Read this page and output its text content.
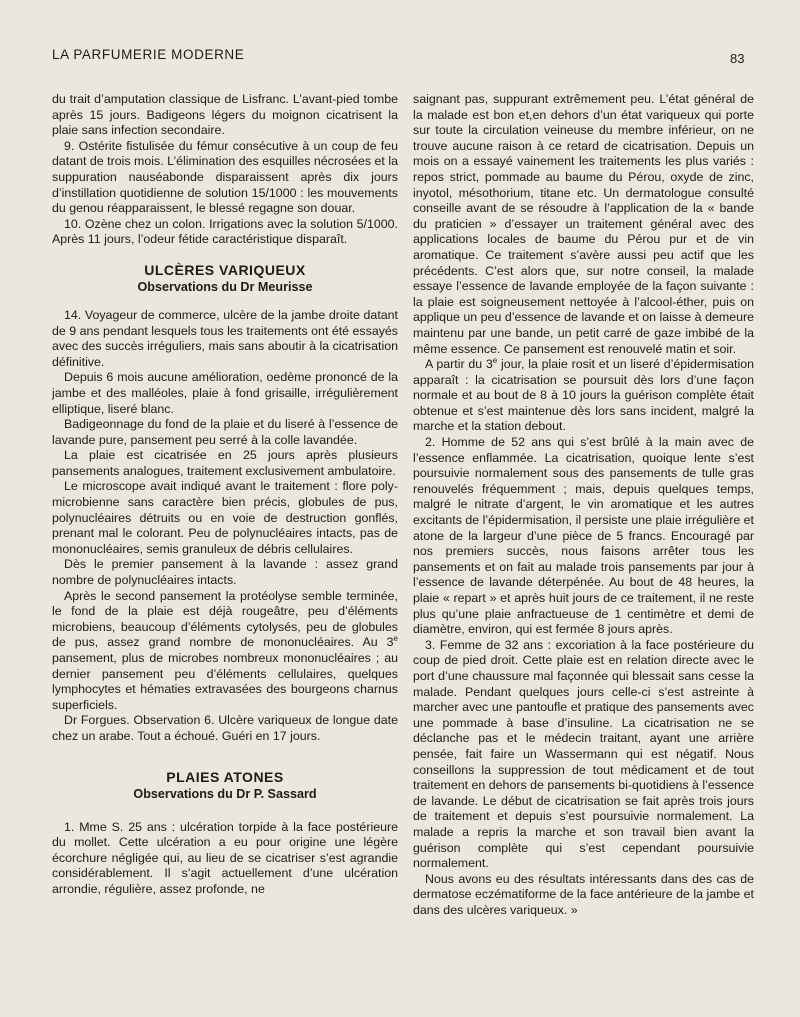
LA PARFUMERIE MODERNE	83

du trait d’amputation classique de Lisfranc. L’avant-pied tombe après 15 jours. Badigeons légers du moignon cicatrisent la plaie sans infection secondaire.

9. Ostérite fistulisée du fémur consécutive à un coup de feu datant de trois mois. L’élimination des esquilles nécrosées et la suppuration nauséabonde disparaissent après dix jours d’instillation quotidienne de solution 15/1000 : les mouvements du genou réapparaissent, le blessé regagne son douar.

10. Ozène chez un colon. Irrigations avec la solution 5/1000. Après 11 jours, l’odeur fétide caractéristique disparaît.

ULCÈRES VARIQUEUX
Observations du Dr Meurisse

14. Voyageur de commerce, ulcère de la jambe droite datant de 9 ans pendant lesquels tous les traitements ont été essayés avec des succès irréguliers, mais sans aboutir à la cicatrisation définitive.

Depuis 6 mois aucune amélioration, oedème prononcé de la jambe et des malléoles, plaie à fond grisaille, irrégulièrement elliptique, liseré blanc.

Badigeonnage du fond de la plaie et du liseré à l’essence de lavande pure, pansement peu serré à la colle lavandée.

La plaie est cicatrisée en 25 jours après plusieurs pansements analogues, traitement exclusivement ambulatoire.

Le microscope avait indiqué avant le traitement : flore poly-microbienne sans caractère bien précis, globules de pus, polynucléaires détruits ou en voie de destruction gonflés, prenant mal le colorant. Peu de polynucléaires intacts, pas de mononucléaires, semis granuleux de débris cellulaires.

Dès le premier pansement à la lavande : assez grand nombre de polynucléaires intacts.

Après le second pansement la protéolyse semble terminée, le fond de la plaie est déjà rougeâtre, peu d’éléments microbiens, beaucoup d’éléments cytolysés, peu de globules de pus, assez grand nombre de mononucléaires. Au 3e pansement, plus de microbes nombreux mononucléaires ; au dernier pansement peu d’éléments cellulaires, quelques lymphocytes et hématies extravasées des bourgeons charnus superficiels.

Dr Forgues. Observation 6. Ulcère variqueux de longue date chez un arabe. Tout a échoué. Guéri en 17 jours.

PLAIES ATONES
Observations du Dr P. Sassard

1. Mme S. 25 ans : ulcération torpide à la face postérieure du mollet. Cette ulcération a eu pour origine une légère écorchure négligée qui, au lieu de se cicatriser s’est agrandie considérablement. Il s’agit actuellement d’une ulcération arrondie, régulière, assez profonde, ne

saignant pas, suppurant extrêmement peu. L’état général de la malade est bon et,en dehors d’un état variqueux qui porte sur toute la circulation veineuse du membre inférieur, on ne trouve aucune raison à ce retard de cicatrisation. Depuis un mois on a essayé vainement les traitements les plus variés : repos strict, pommade au baume du Pérou, oxyde de zinc, inyotol, mésothorium, titane etc. Un dermatologue consulté conseille avant de se résoudre à l’application de la « bande du praticien » d’essayer un traitement général avec des applications locales de baume du Pérou pur et de vin aromatique. Ce traitement s’avère aussi peu actif que les précédents. C’est alors que, sur notre conseil, la malade essaye l’essence de lavande employée de la façon suivante : la plaie est soigneusement nettoyée à l’alcool-éther, puis on applique un peu d’essence de lavande et on laisse à demeure maintenu par une bande, un petit carré de gaze imbibé de la même essence. Ce pansement est renouvelé matin et soir.

A partir du 3e jour, la plaie rosit et un liseré d’épidermisation apparaît : la cicatrisation se poursuit dès lors d’une façon normale et au bout de 8 à 10 jours la guérison complète était obtenue et s’est maintenue dès lors sans incident, malgré la marche et la station debout.

2. Homme de 52 ans qui s’est brûlé à la main avec de l’essence enflammée. La cicatrisation, quoique lente s’est poursuivie normalement sous des pansements de tulle gras renouvelés fréquemment ; mais, depuis quelques temps, malgré le nitrate d’argent, le vin aromatique et les autres excitants de l’épidermisation, il persiste une plaie irrégulière et atone de la largeur d’une pièce de 5 francs. Encouragé par nos premiers succès, nous faisons arrêter tous les pansements et on fait au malade trois pansements par jour à l’essence de lavande déterpénée. Au bout de 48 heures, la plaie « repart » et après huit jours de ce traitement, il ne reste plus qu’une plaie anfractueuse de 1 centimètre et demi de diamètre, environ, qui est fermée 8 jours après.

3. Femme de 32 ans : excoriation à la face postérieure du coup de pied droit. Cette plaie est en relation directe avec le port d’une chaussure mal façonnée qui blessait sans cesse la malade. Pendant quelques jours celle-ci s’est astreinte à marcher avec une pantoufle et pratique des pansements avec une pommade à base d’insuline. La cicatrisation ne se déclanche pas et le médecin traitant, ayant une arrière pensée, fait faire un Wassermann qui est négatif. Nous conseillons la suppression de tout médicament et de tout traitement en dehors de pansements bi-quotidiens à l’essence de lavande. Le début de cicatrisation se fait après trois jours de traitement et depuis s’est poursuivie normalement. La malade a repris la marche et son travail bien avant la guérison complète qui s’est cependant poursuivie normalement.

Nous avons eu des résultats intéressants dans des cas de dermatose eczématiforme de la face antérieure de la jambe et dans des ulcères variqueux. »
